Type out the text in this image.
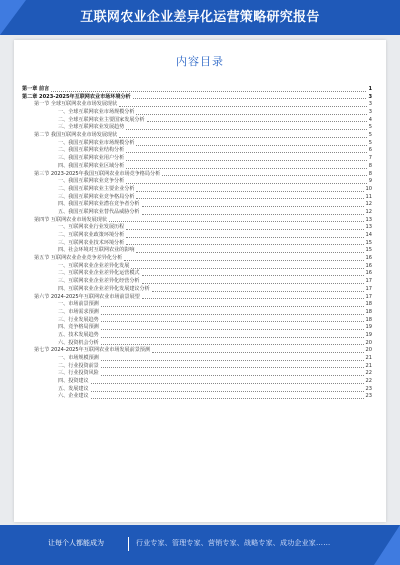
互联网农业企业差异化运营策略研究报告
内容目录
第一章 前言	1
第二章 2023-2025年互联网农业市场环境分析	3
第一节 全球互联网农业市场发展现状	3
一、全球互联网农业市场规模分析	3
二、全球互联网农业主要国家发展分析	4
三、全球互联网农业发展趋势	5
第二节 我国互联网农业市场发展现状	5
一、我国互联网农业市场规模分析	5
二、我国互联网农业结构分析	6
三、我国互联网农业用户分析	7
四、我国互联网农业区域分析	8
第三节 2023-2025年我国互联网农业市场竞争格局分析	8
一、我国互联网农业竞争分析	9
二、我国互联网农业主要企业分析	10
三、我国互联网农业竞争格局分析	11
四、我国互联网农业潜在竞争者分析	12
五、我国互联网农业替代品威胁分析	12
第四节 互联网农业市场发展现状	13
一、互联网农业行业发展历程	13
二、互联网农业政策环境分析	14
三、互联网农业技术环境分析	15
四、社会环境对互联网农业的影响	15
第五节 互联网农业企业竞争差异化分析	16
一、互联网农业企业差异化发展	16
二、互联网农业企业差异化运营模式	16
三、互联网农业企业差异化经营分析	17
四、互联网农业企业差异化发展建议分析	17
第六节 2024-2025年互联网农业市场前景展望	17
一、市场前景预测	18
二、市场需求预测	18
三、行业发展趋势	18
四、竞争格局预测	19
五、技术发展趋势	19
六、投资机会分析	20
第七节 2024-2025年互联网农业市场发展前景预测	20
一、市场规模预测	21
二、行业投资前景	21
三、行业投资风险	22
四、投资建议	22
五、发展建议	23
六、企业建议	23
让每个人都能成为	行业专家、管理专家、营销专家、战略专家、成功企业家……
